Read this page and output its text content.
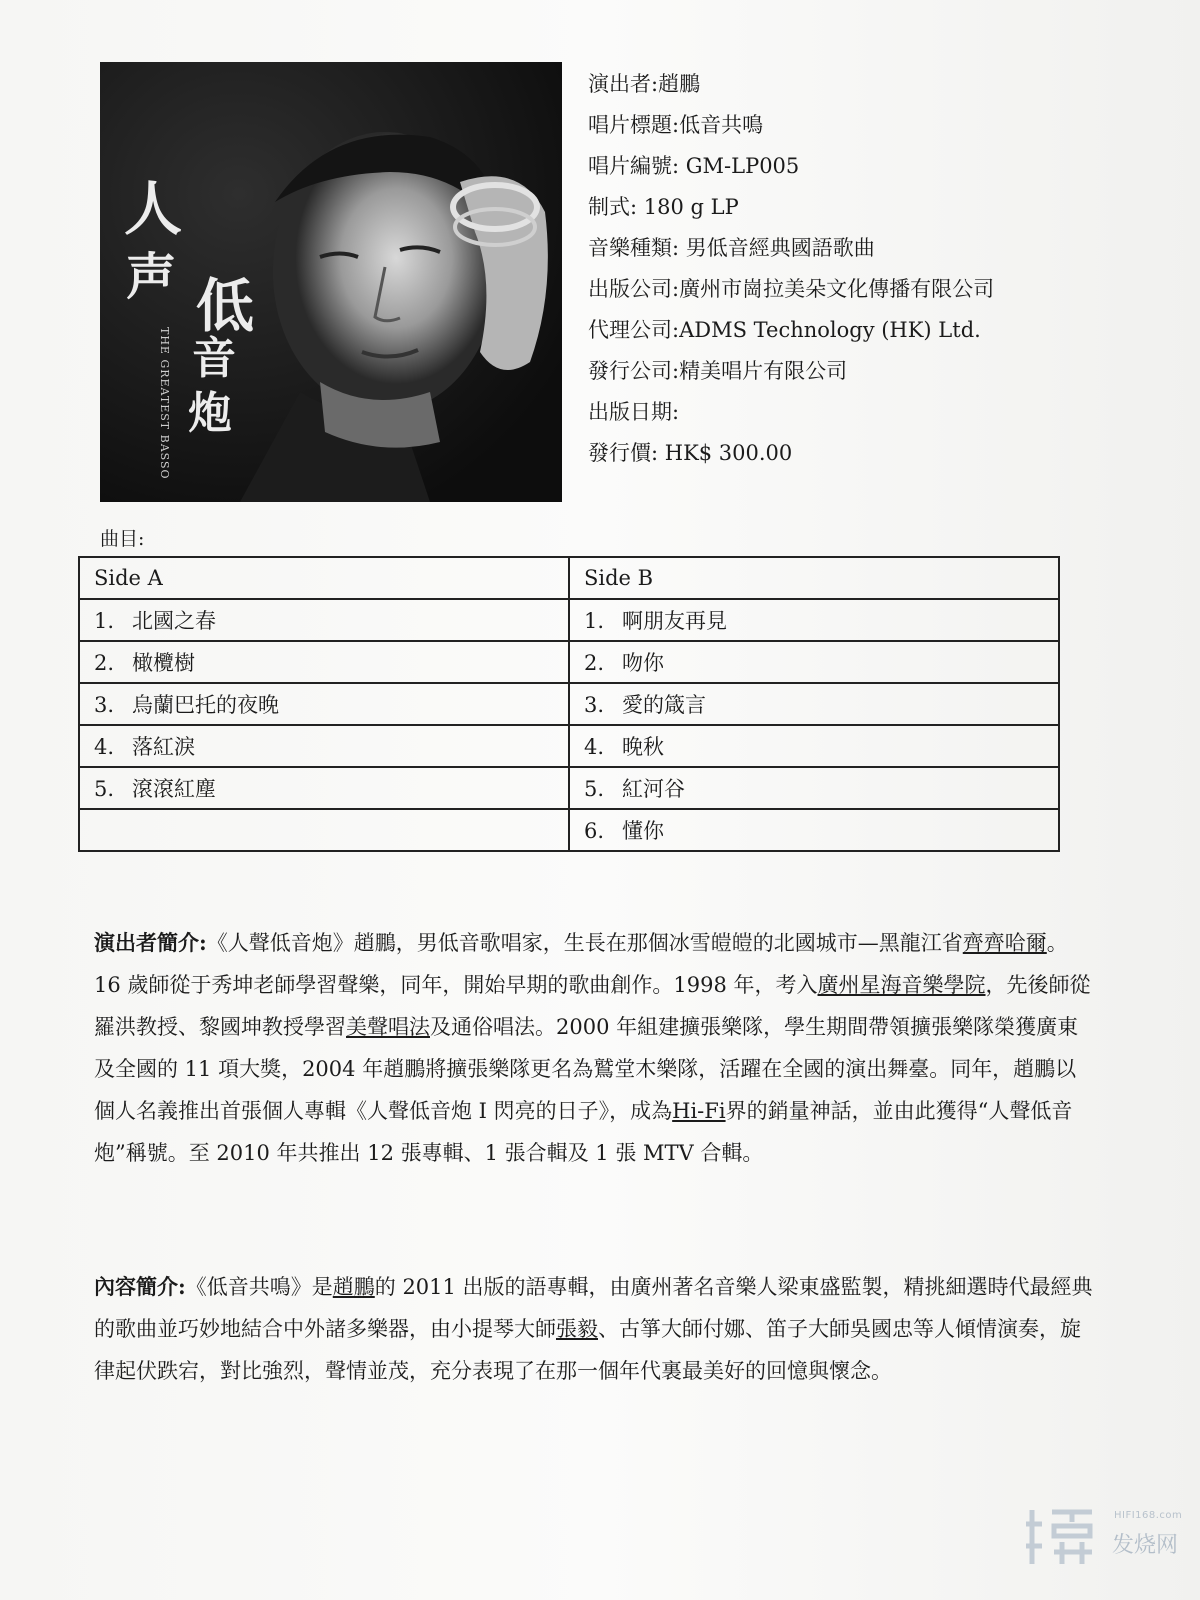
人
声 低
音
炮
THE GREATEST BASSO
演出者:趙鵬
唱片標題:低音共鳴
唱片編號: GM-LP005
制式: 180 g LP
音樂種類: 男低音經典國語歌曲
出版公司:廣州市崗拉美朵文化傳播有限公司
代理公司:ADMS Technology (HK) Ltd.
發行公司:精美唱片有限公司
出版日期:
發行價: HK$ 300.00
曲目:
Side A	Side B
1. 北國之春	1. 啊朋友再見
2. 橄欖樹	2. 吻你
3. 烏蘭巴托的夜晚	3. 愛的箴言
4. 落紅淚	4. 晚秋
5. 滾滾紅塵	5. 紅河谷
	6. 懂你
演出者簡介:《人聲低音炮》趙鵬，男低音歌唱家，生長在那個冰雪皚皚的北國城市—黑龍江省齊齊哈爾。16 歲師從于秀坤老師學習聲樂，同年，開始早期的歌曲創作。1998 年，考入廣州星海音樂學院，先後師從羅洪教授、黎國坤教授學習美聲唱法及通俗唱法。2000 年組建擴張樂隊，學生期間帶領擴張樂隊榮獲廣東及全國的 11 項大獎，2004 年趙鵬將擴張樂隊更名為鷲堂木樂隊，活躍在全國的演出舞臺。同年，趙鵬以個人名義推出首張個人專輯《人聲低音炮 I 閃亮的日子》，成為Hi-Fi界的銷量神話，並由此獲得“人聲低音炮”稱號。至 2010 年共推出 12 張專輯、1 張合輯及 1 張 MTV 合輯。
內容簡介:《低音共鳴》是趙鵬的 2011 出版的語專輯，由廣州著名音樂人梁東盛監製，精挑細選時代最經典的歌曲並巧妙地結合中外諸多樂器，由小提琴大師張毅、古箏大師付娜、笛子大師吳國忠等人傾情演奏，旋律起伏跌宕，對比強烈，聲情並茂，充分表現了在那一個年代裏最美好的回憶與懷念。
HIFI168.com
发烧网
